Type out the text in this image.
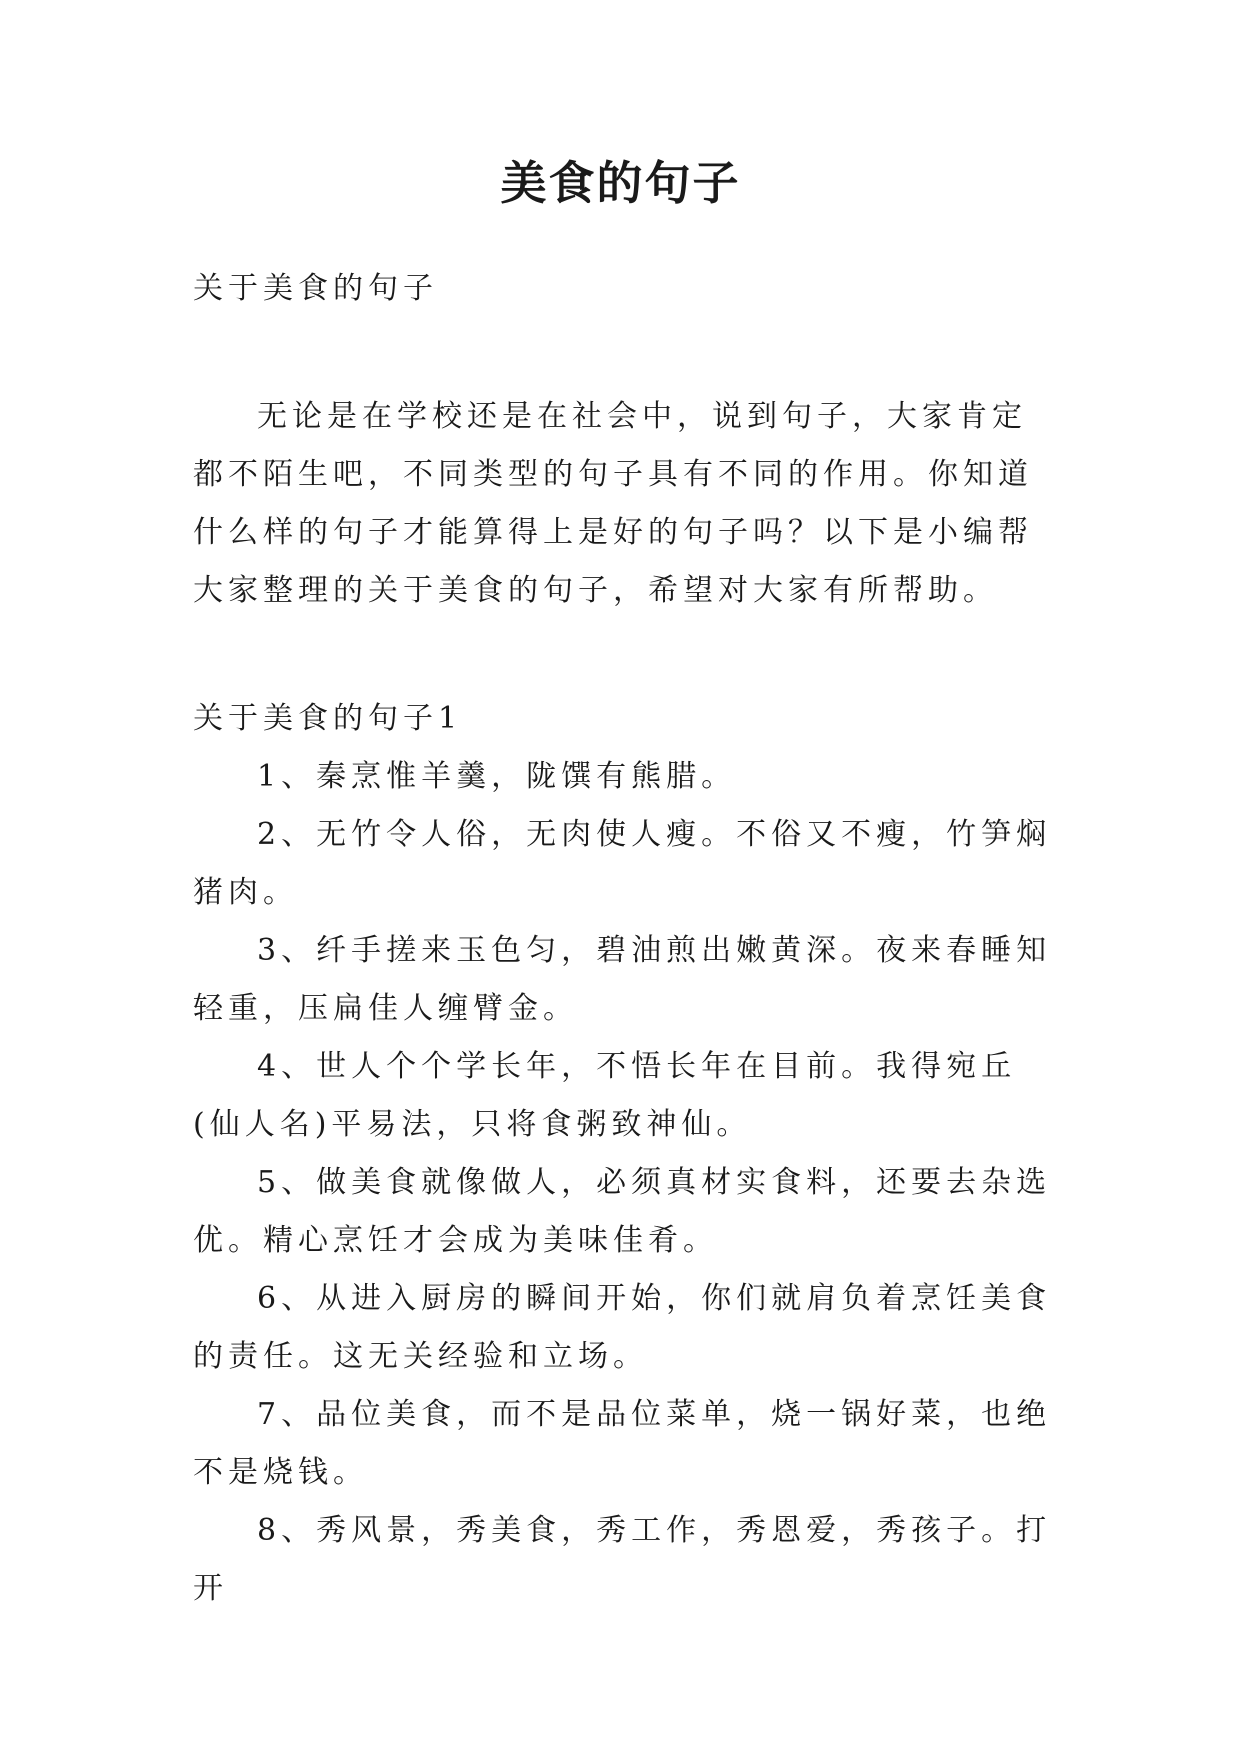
美食的句子

关于美食的句子

无论是在学校还是在社会中，说到句子，大家肯定都不陌生吧，不同类型的句子具有不同的作用。你知道什么样的句子才能算得上是好的句子吗？以下是小编帮大家整理的关于美食的句子，希望对大家有所帮助。

关于美食的句子1

1、秦烹惟羊羹，陇馔有熊腊。

2、无竹令人俗，无肉使人瘦。不俗又不瘦，竹笋焖猪肉。

3、纤手搓来玉色匀，碧油煎出嫩黄深。夜来春睡知轻重，压扁佳人缠臂金。

4、世人个个学长年，不悟长年在目前。我得宛丘(仙人名)平易法，只将食粥致神仙。

5、做美食就像做人，必须真材实食料，还要去杂选优。精心烹饪才会成为美味佳肴。

6、从进入厨房的瞬间开始，你们就肩负着烹饪美食的责任。这无关经验和立场。

7、品位美食，而不是品位菜单，烧一锅好菜，也绝不是烧钱。

8、秀风景，秀美食，秀工作，秀恩爱，秀孩子。打开
